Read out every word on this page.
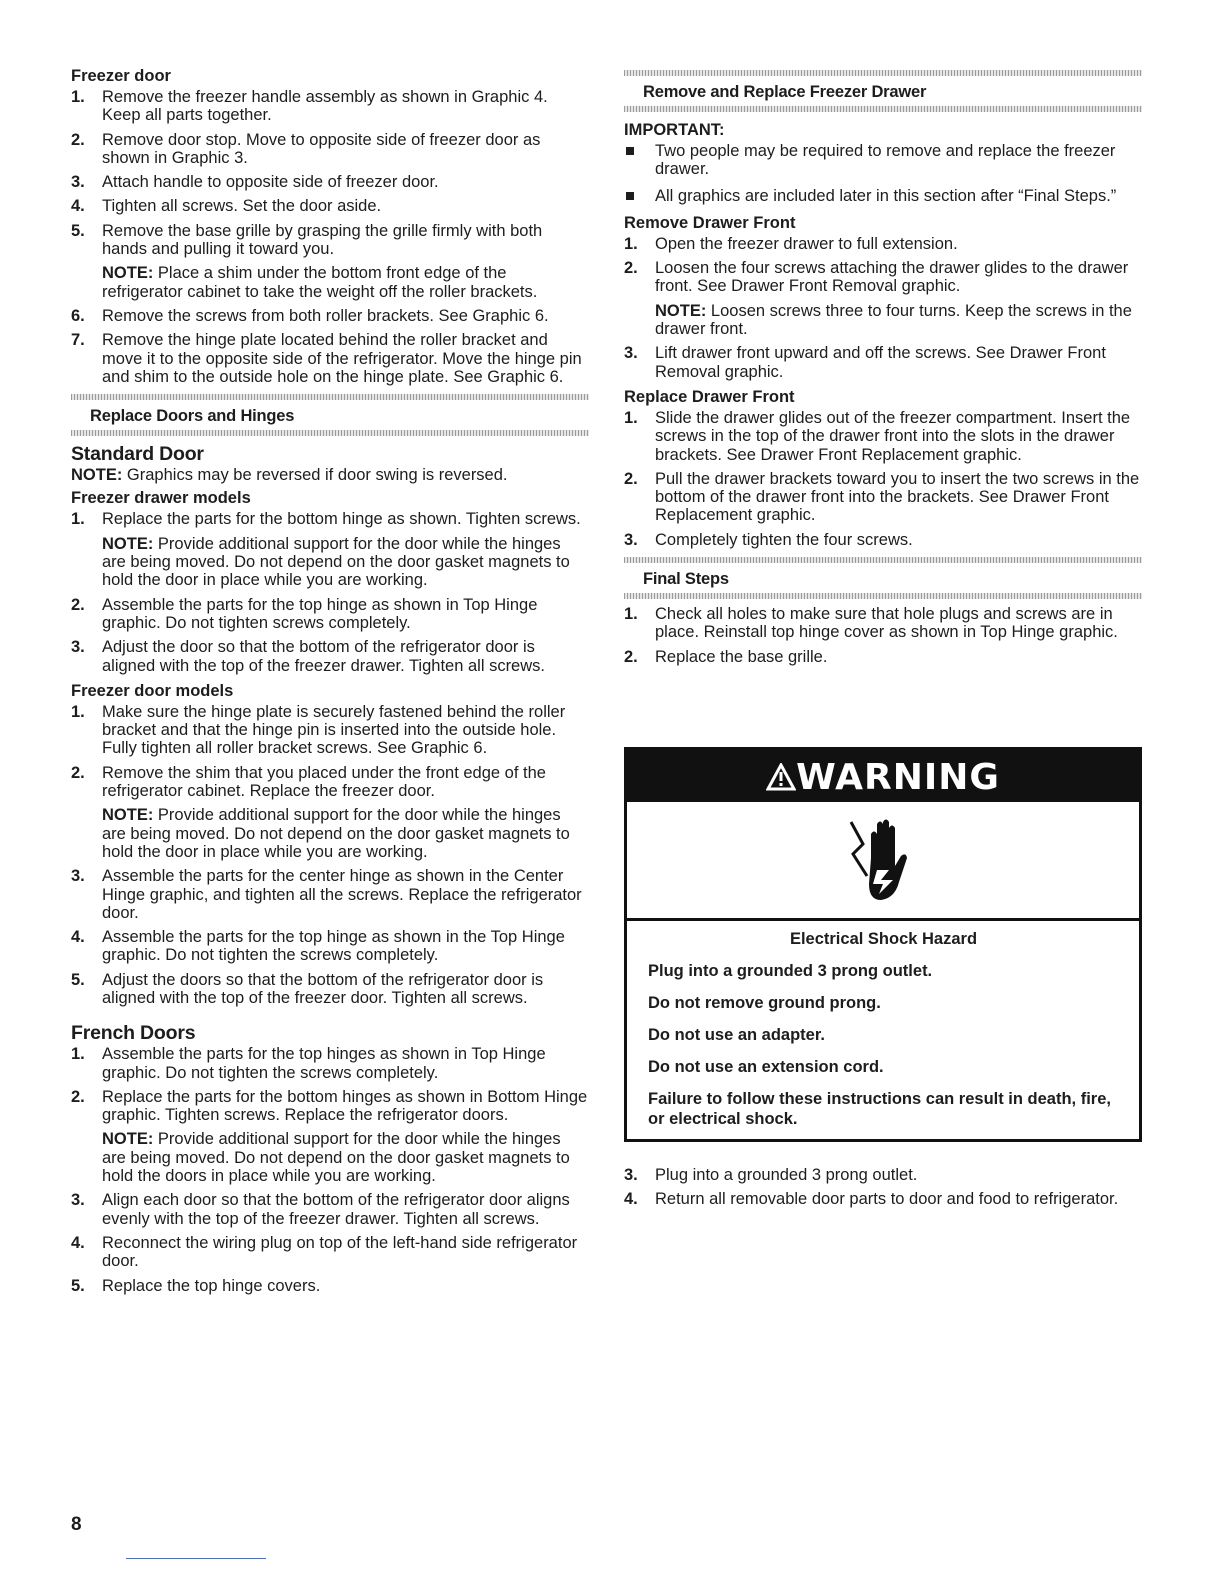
Freezer door
1. Remove the freezer handle assembly as shown in Graphic 4. Keep all parts together.
2. Remove door stop. Move to opposite side of freezer door as shown in Graphic 3.
3. Attach handle to opposite side of freezer door.
4. Tighten all screws. Set the door aside.
5. Remove the base grille by grasping the grille firmly with both hands and pulling it toward you.
NOTE: Place a shim under the bottom front edge of the refrigerator cabinet to take the weight off the roller brackets.
6. Remove the screws from both roller brackets. See Graphic 6.
7. Remove the hinge plate located behind the roller bracket and move it to the opposite side of the refrigerator. Move the hinge pin and shim to the outside hole on the hinge plate. See Graphic 6.
Replace Doors and Hinges
Standard Door
NOTE: Graphics may be reversed if door swing is reversed.
Freezer drawer models
1. Replace the parts for the bottom hinge as shown. Tighten screws.
NOTE: Provide additional support for the door while the hinges are being moved. Do not depend on the door gasket magnets to hold the door in place while you are working.
2. Assemble the parts for the top hinge as shown in Top Hinge graphic. Do not tighten screws completely.
3. Adjust the door so that the bottom of the refrigerator door is aligned with the top of the freezer drawer. Tighten all screws.
Freezer door models
1. Make sure the hinge plate is securely fastened behind the roller bracket and that the hinge pin is inserted into the outside hole. Fully tighten all roller bracket screws. See Graphic 6.
2. Remove the shim that you placed under the front edge of the refrigerator cabinet. Replace the freezer door.
NOTE: Provide additional support for the door while the hinges are being moved. Do not depend on the door gasket magnets to hold the door in place while you are working.
3. Assemble the parts for the center hinge as shown in the Center Hinge graphic, and tighten all the screws. Replace the refrigerator door.
4. Assemble the parts for the top hinge as shown in the Top Hinge graphic. Do not tighten the screws completely.
5. Adjust the doors so that the bottom of the refrigerator door is aligned with the top of the freezer door. Tighten all screws.
French Doors
1. Assemble the parts for the top hinges as shown in Top Hinge graphic. Do not tighten the screws completely.
2. Replace the parts for the bottom hinges as shown in Bottom Hinge graphic. Tighten screws. Replace the refrigerator doors.
NOTE: Provide additional support for the door while the hinges are being moved. Do not depend on the door gasket magnets to hold the doors in place while you are working.
3. Align each door so that the bottom of the refrigerator door aligns evenly with the top of the freezer drawer. Tighten all screws.
4. Reconnect the wiring plug on top of the left-hand side refrigerator door.
5. Replace the top hinge covers.
Remove and Replace Freezer Drawer
IMPORTANT:
Two people may be required to remove and replace the freezer drawer.
All graphics are included later in this section after “Final Steps.”
Remove Drawer Front
1. Open the freezer drawer to full extension.
2. Loosen the four screws attaching the drawer glides to the drawer front. See Drawer Front Removal graphic.
NOTE: Loosen screws three to four turns. Keep the screws in the drawer front.
3. Lift drawer front upward and off the screws. See Drawer Front Removal graphic.
Replace Drawer Front
1. Slide the drawer glides out of the freezer compartment. Insert the screws in the top of the drawer front into the slots in the drawer brackets. See Drawer Front Replacement graphic.
2. Pull the drawer brackets toward you to insert the two screws in the bottom of the drawer front into the brackets. See Drawer Front Replacement graphic.
3. Completely tighten the four screws.
Final Steps
1. Check all holes to make sure that hole plugs and screws are in place. Reinstall top hinge cover as shown in Top Hinge graphic.
2. Replace the base grille.
WARNING
Electrical Shock Hazard

Plug into a grounded 3 prong outlet.

Do not remove ground prong.

Do not use an adapter.

Do not use an extension cord.

Failure to follow these instructions can result in death, fire, or electrical shock.

3. Plug into a grounded 3 prong outlet.
4. Return all removable door parts to door and food to refrigerator.
8
